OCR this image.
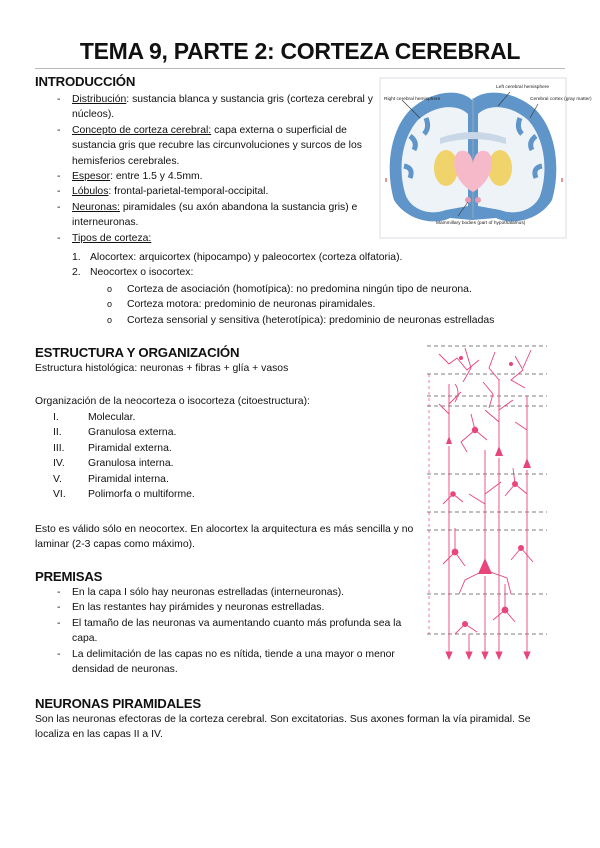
TEMA 9, PARTE 2: CORTEZA CEREBRAL
INTRODUCCIÓN
- Distribución: sustancia blanca y sustancia gris (corteza cerebral y núcleos).
- Concepto de corteza cerebral: capa externa o superficial de sustancia gris que recubre las circunvoluciones y surcos de los hemisferios cerebrales.
- Espesor: entre 1.5 y 4.5mm.
- Lóbulos: frontal-parietal-temporal-occipital.
- Neuronas: piramidales (su axón abandona la sustancia gris) e interneuronas.
- Tipos de corteza:
1. Alocortex: arquicortex (hipocampo) y paleocortex (corteza olfatoria).
2. Neocortex o isocortex:
o Corteza de asociación (homotípica): no predomina ningún tipo de neurona.
o Corteza motora: predominio de neuronas piramidales.
o Corteza sensorial y sensitiva (heterotípica): predominio de neuronas estrelladas
Right cerebral hemisphere
Left cerebral hemisphere
Cerebral cortex (gray matter)
Mammillary bodies (part of hypothalamus)
ESTRUCTURA Y ORGANIZACIÓN
Estructura histológica: neuronas + fibras + glía + vasos
Organización de la neocorteza o isocorteza (citoestructura):
I.	Molecular.
II.	Granulosa externa.
III. Piramidal externa.
IV. Granulosa interna.
V.	Piramidal interna.
VI. Polimorfa o multiforme.
Esto es válido sólo en neocortex. En alocortex la arquitectura es más sencilla y no laminar (2-3 capas como máximo).
PREMISAS
- En la capa I sólo hay neuronas estrelladas (interneuronas).
- En las restantes hay pirámides y neuronas estrelladas.
- El tamaño de las neuronas va aumentando cuanto más profunda sea la capa.
- La delimitación de las capas no es nítida, tiende a una mayor o menor densidad de neuronas.
NEURONAS PIRAMIDALES
Son las neuronas efectoras de la corteza cerebral. Son excitatorias. Sus axones forman la vía piramidal. Se localiza en las capas II a IV.
